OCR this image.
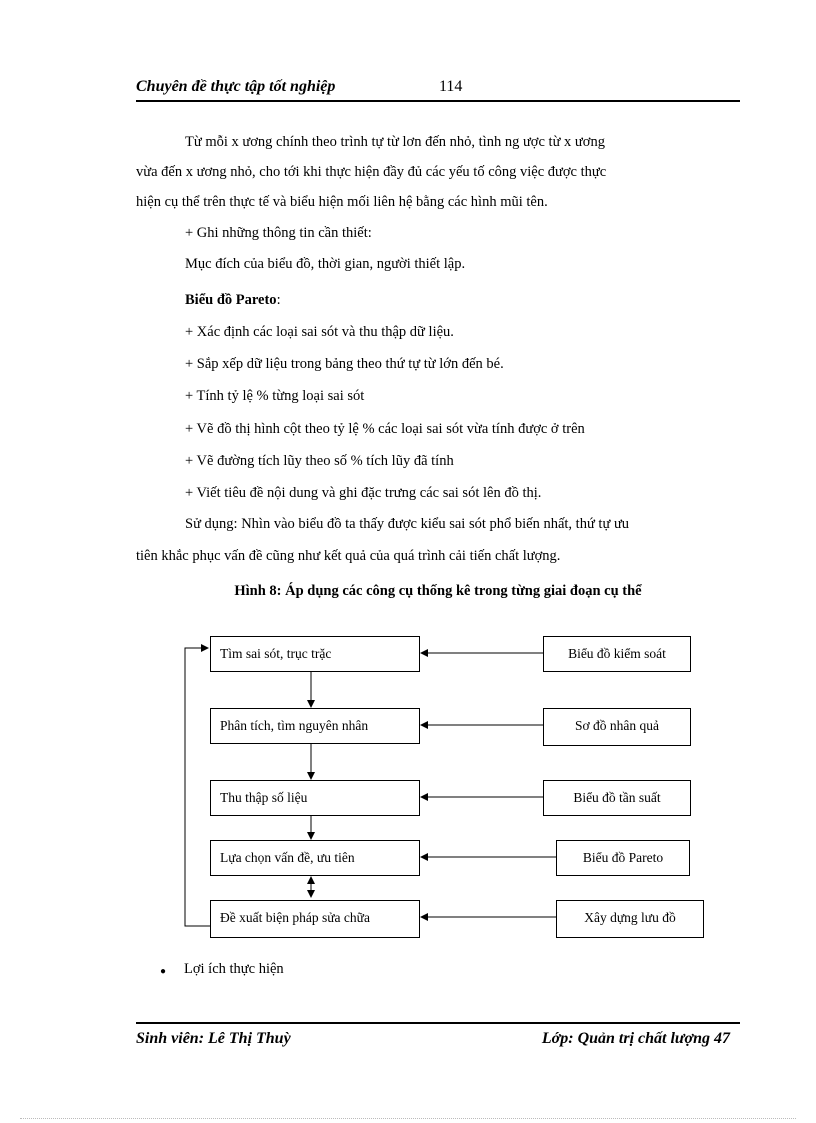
Chuyên đề thực tập tốt nghiệp	114
Từ mỗi x ương chính theo trình tự từ lơn đến nhỏ, tình ng ược từ x ương
vừa đến x ương nhỏ, cho tới khi thực hiện đầy đủ các yếu tố công việc được thực
hiện cụ thể trên thực tế và biểu hiện mối liên hệ bằng các hình mũi tên.
+ Ghi những thông tin cần thiết:
Mục đích của biểu đồ, thời gian, người thiết lập.
Biểu đồ Pareto:
+ Xác định các loại sai sót và thu thập dữ liệu.
+ Sắp xếp dữ liệu trong bảng theo thứ tự từ lớn đến bé.
+ Tính tỷ lệ % từng loại sai sót
+ Vẽ đồ thị hình cột theo tỷ lệ % các loại sai sót vừa tính được ở trên
+ Vẽ đường tích lũy theo số % tích lũy đã tính
+ Viết tiêu đề nội dung và ghi đặc trưng các sai sót lên đồ thị.
Sử dụng: Nhìn vào biểu đồ ta thấy được kiểu sai sót phổ biến nhất, thứ tự ưu
tiên khắc phục vấn đề cũng như kết quả của quá trình cải tiến chất lượng.
Hình 8: Áp dụng các công cụ thống kê trong từng giai đoạn cụ thể
Tìm sai sót, trục trặc
Phân tích, tìm nguyên nhân
Thu thập số liệu
Lựa chọn vấn đề, ưu tiên
Đề xuất biện pháp sửa chữa
Biểu đồ kiểm soát
Sơ đồ nhân quả
Biểu đồ tần suất
Biểu đồ Pareto
Xây dựng lưu đồ
● Lợi ích thực hiện
Sinh viên: Lê Thị Thuỳ	Lớp: Quản trị chất lượng 47
